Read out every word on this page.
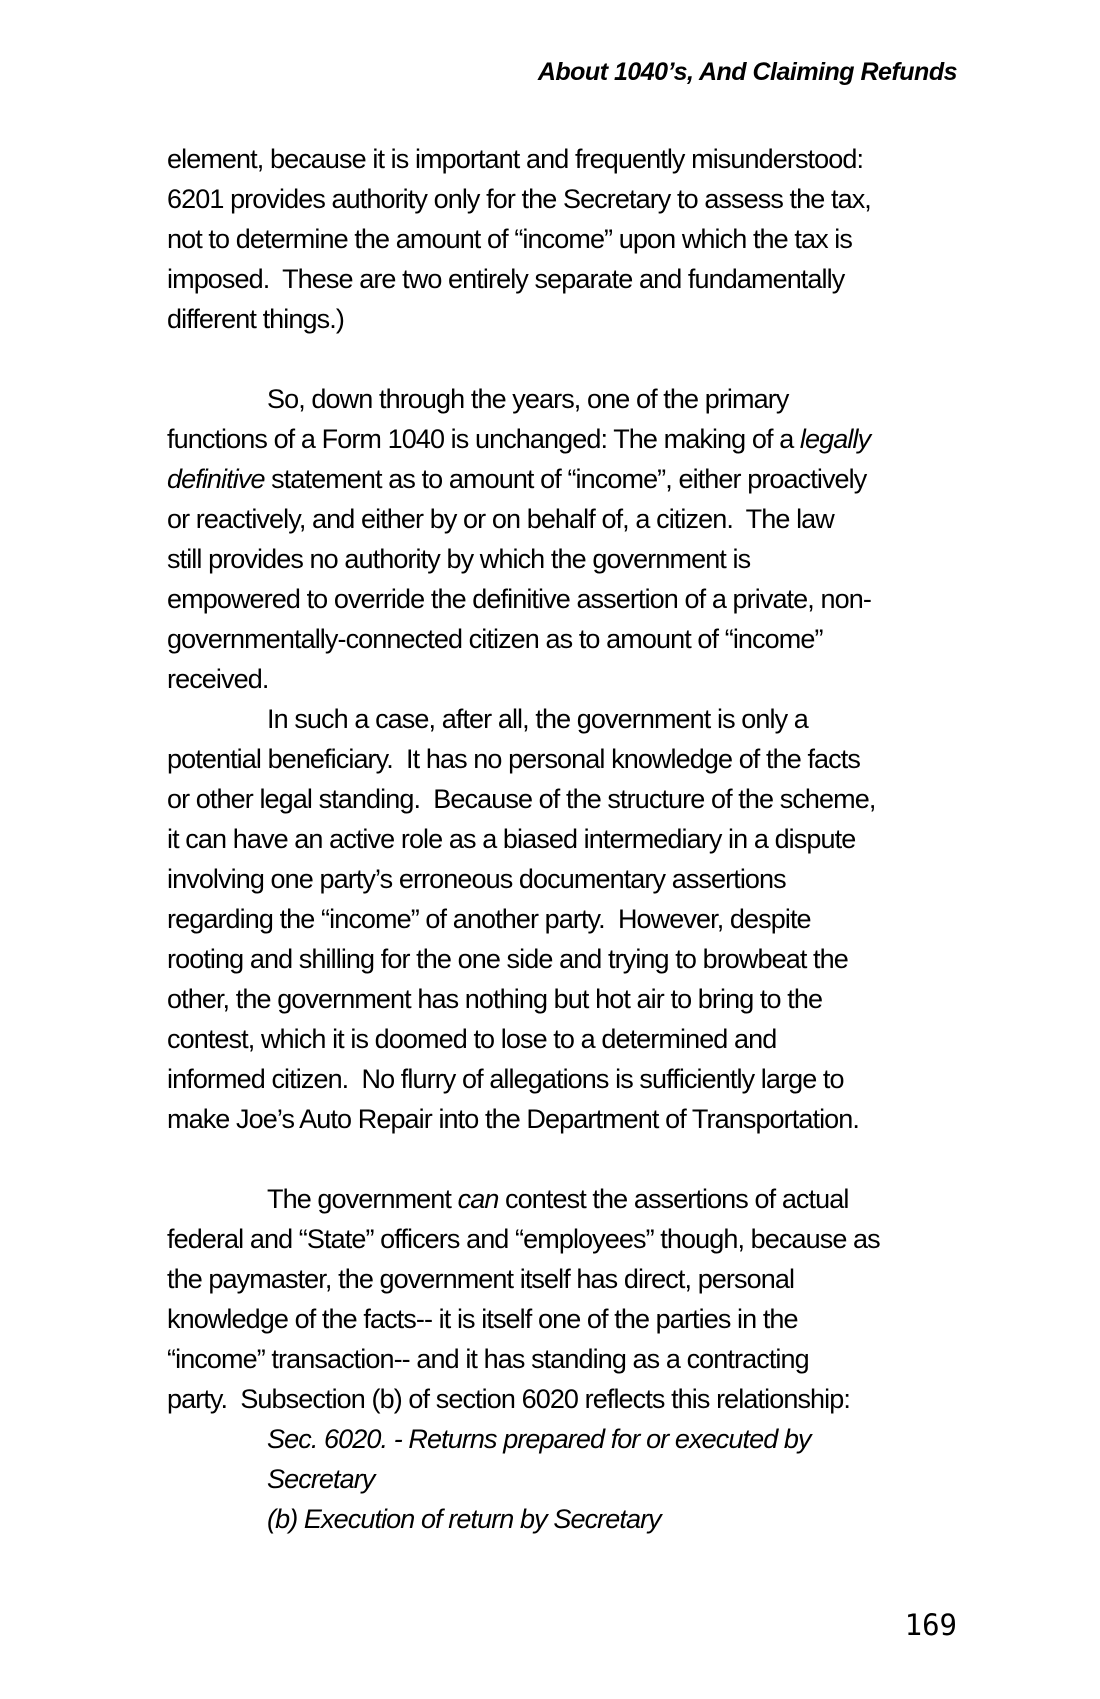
About 1040’s, And Claiming Refunds
element, because it is important and frequently misunderstood:
6201 provides authority only for the Secretary to assess the tax,
not to determine the amount of “income” upon which the tax is
imposed.  These are two entirely separate and fundamentally
different things.)
So, down through the years, one of the primary
functions of a Form 1040 is unchanged: The making of a legally
definitive statement as to amount of “income”, either proactively
or reactively, and either by or on behalf of, a citizen.  The law
still provides no authority by which the government is
empowered to override the definitive assertion of a private, non-
governmentally-connected citizen as to amount of “income”
received.
In such a case, after all, the government is only a
potential beneficiary.  It has no personal knowledge of the facts
or other legal standing.  Because of the structure of the scheme,
it can have an active role as a biased intermediary in a dispute
involving one party’s erroneous documentary assertions
regarding the “income” of another party.  However, despite
rooting and shilling for the one side and trying to browbeat the
other, the government has nothing but hot air to bring to the
contest, which it is doomed to lose to a determined and
informed citizen.  No flurry of allegations is sufficiently large to
make Joe’s Auto Repair into the Department of Transportation.
The government can contest the assertions of actual
federal and “State” officers and “employees” though, because as
the paymaster, the government itself has direct, personal
knowledge of the facts-- it is itself one of the parties in the
“income” transaction-- and it has standing as a contracting
party.  Subsection (b) of section 6020 reflects this relationship:
Sec. 6020. - Returns prepared for or executed by
Secretary
(b) Execution of return by Secretary
169
